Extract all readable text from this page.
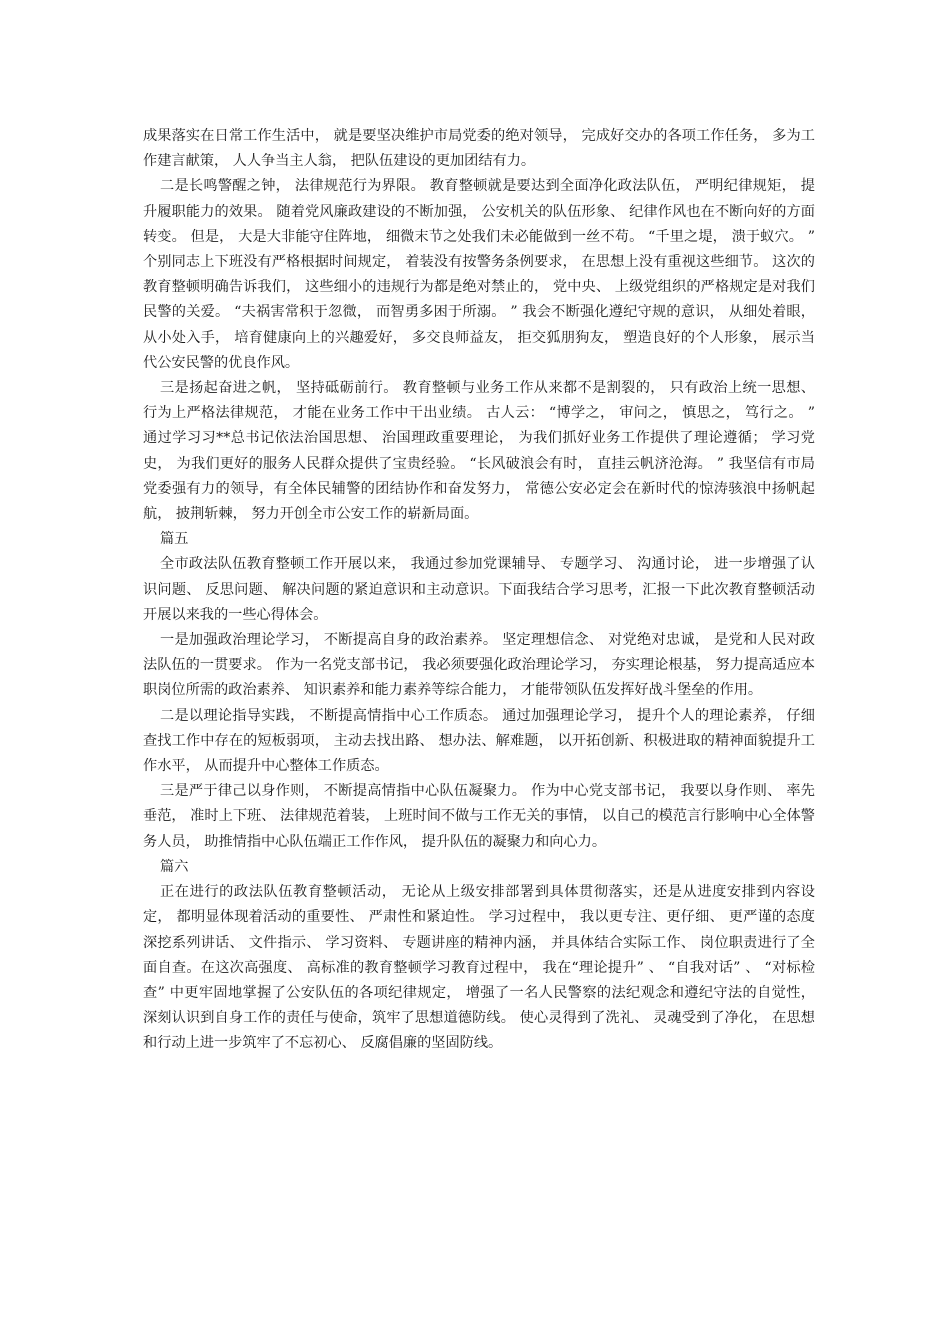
成果落实在日常工作生活中， 就是要坚决维护市局党委的绝对领导， 完成好交办的各项工作任务， 多为工作建言献策， 人人争当主人翁， 把队伍建设的更加团结有力。

二是长鸣警醒之钟， 法律规范行为界限。 教育整顿就是要达到全面净化政法队伍， 严明纪律规矩， 提升履职能力的效果。 随着党风廉政建设的不断加强， 公安机关的队伍形象、 纪律作风也在不断向好的方面转变。 但是， 大是大非能守住阵地， 细微末节之处我们未必能做到一丝不苟。 “千里之堤， 溃于蚁穴。 ” 个别同志上下班没有严格根据时间规定， 着装没有按警务条例要求， 在思想上没有重视这些细节。 这次的教育整顿明确告诉我们， 这些细小的违规行为都是绝对禁止的， 党中央、 上级党组织的严格规定是对我们民警的关爱。 “夫祸害常积于忽微， 而智勇多困于所溺。 ” 我会不断强化遵纪守规的意识， 从细处着眼， 从小处入手， 培育健康向上的兴趣爱好， 多交良师益友， 拒交狐朋狗友， 塑造良好的个人形象， 展示当代公安民警的优良作风。

三是扬起奋进之帆， 坚持砥砺前行。 教育整顿与业务工作从来都不是割裂的， 只有政治上统一思想、 行为上严格法律规范， 才能在业务工作中干出业绩。 古人云： “博学之， 审问之， 慎思之， 笃行之。 ” 通过学习习**总书记依法治国思想、 治国理政重要理论， 为我们抓好业务工作提供了理论遵循； 学习党史， 为我们更好的服务人民群众提供了宝贵经验。 “长风破浪会有时， 直挂云帆济沧海。 ” 我坚信有市局党委强有力的领导，有全体民辅警的团结协作和奋发努力， 常德公安必定会在新时代的惊涛骇浪中扬帆起航， 披荆斩棘， 努力开创全市公安工作的崭新局面。

篇五

全市政法队伍教育整顿工作开展以来， 我通过参加党课辅导、 专题学习、 沟通讨论， 进一步增强了认识问题、 反思问题、 解决问题的紧迫意识和主动意识。下面我结合学习思考，汇报一下此次教育整顿活动开展以来我的一些心得体会。

一是加强政治理论学习， 不断提高自身的政治素养。 坚定理想信念、 对党绝对忠诚， 是党和人民对政法队伍的一贯要求。 作为一名党支部书记， 我必须要强化政治理论学习， 夯实理论根基， 努力提高适应本职岗位所需的政治素养、 知识素养和能力素养等综合能力， 才能带领队伍发挥好战斗堡垒的作用。

二是以理论指导实践， 不断提高情指中心工作质态。 通过加强理论学习， 提升个人的理论素养， 仔细查找工作中存在的短板弱项， 主动去找出路、 想办法、解难题， 以开拓创新、积极进取的精神面貌提升工作水平， 从而提升中心整体工作质态。

三是严于律己以身作则， 不断提高情指中心队伍凝聚力。 作为中心党支部书记， 我要以身作则、 率先垂范， 准时上下班、 法律规范着装， 上班时间不做与工作无关的事情， 以自己的模范言行影响中心全体警务人员， 助推情指中心队伍端正工作作风， 提升队伍的凝聚力和向心力。

篇六

正在进行的政法队伍教育整顿活动， 无论从上级安排部署到具体贯彻落实，还是从进度安排到内容设定， 都明显体现着活动的重要性、 严肃性和紧迫性。 学习过程中， 我以更专注、更仔细、 更严谨的态度深挖系列讲话、 文件指示、 学习资料、 专题讲座的精神内涵， 并具体结合实际工作、 岗位职责进行了全面自查。在这次高强度、 高标准的教育整顿学习教育过程中， 我在“理论提升” 、 “自我对话” 、 “对标检查” 中更牢固地掌握了公安队伍的各项纪律规定， 增强了一名人民警察的法纪观念和遵纪守法的自觉性， 深刻认识到自身工作的责任与使命，筑牢了思想道德防线。 使心灵得到了洗礼、 灵魂受到了净化， 在思想和行动上进一步筑牢了不忘初心、 反腐倡廉的坚固防线。
